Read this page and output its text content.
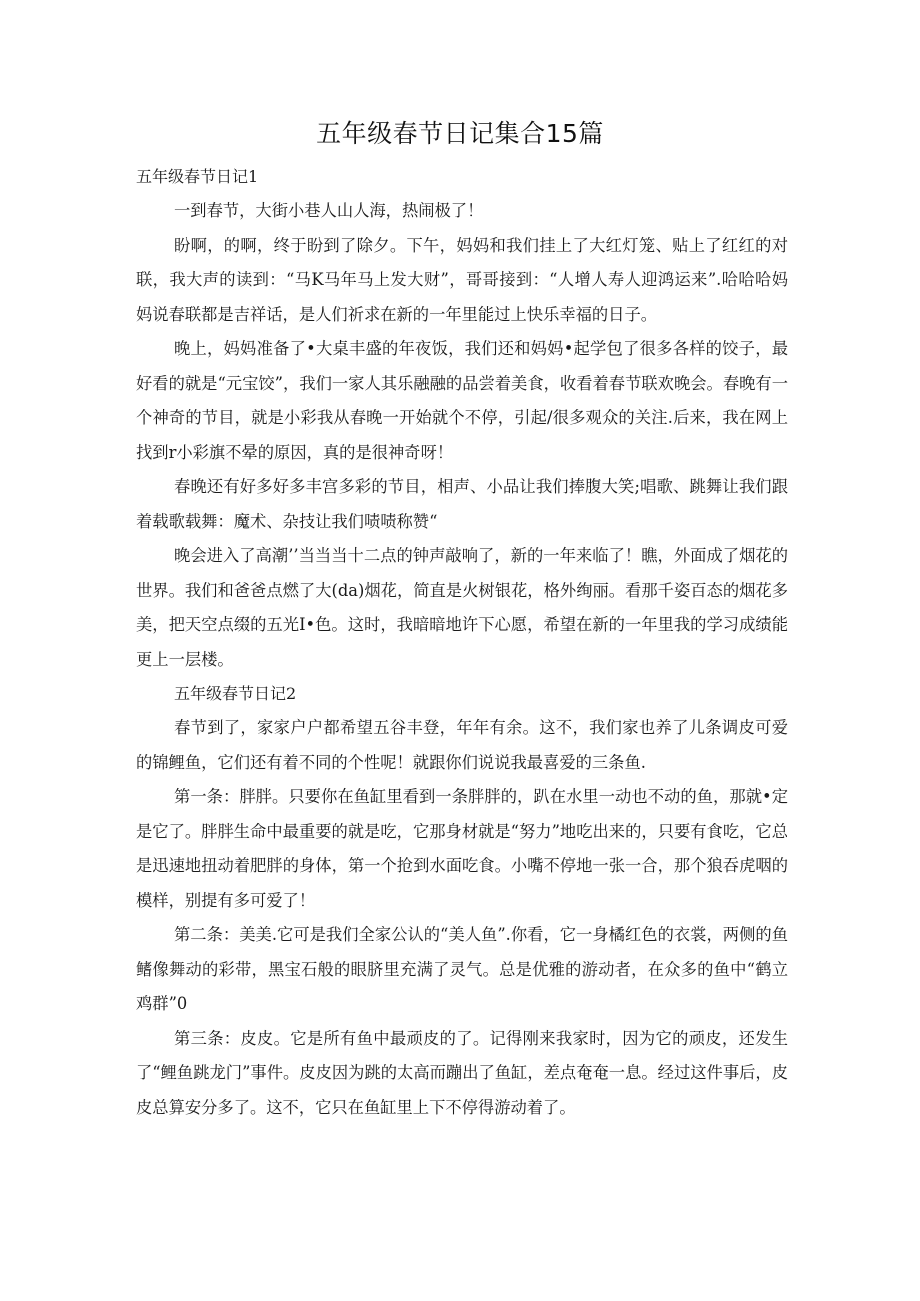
五年级春节日记集合15篇

五年级春节日记1

一到春节，大街小巷人山人海，热闹极了！

盼啊，的啊，终于盼到了除夕。下午，妈妈和我们挂上了大红灯笼、贴上了红红的对联，我大声的读到：“马K马年马上发大财”，哥哥接到：“人增人寿人迎鸿运来”.哈哈哈妈妈说春联都是吉祥话，是人们祈求在新的一年里能过上快乐幸福的日子。

晚上，妈妈准备了•大桌丰盛的年夜饭，我们还和妈妈•起学包了很多各样的饺子，最好看的就是“元宝饺”，我们一家人其乐融融的品尝着美食，收看着春节联欢晚会。春晚有一个神奇的节目，就是小彩我从春晚一开始就个不停，引起/很多观众的关注.后来，我在网上找到r小彩旗不晕的原因，真的是很神奇呀！

春晚还有好多好多丰宫多彩的节目，相声、小品让我们捧腹大笑;唱歌、跳舞让我们跟着载歌载舞：魔术、杂技让我们啧啧称赞“

晚会进入了高潮’’当当当十二点的钟声敲响了，新的一年来临了！瞧，外面成了烟花的世界。我们和爸爸点燃了大(da)烟花，简直是火树银花，格外绚丽。看那千姿百态的烟花多美，把天空点缀的五光I•色。这时，我暗暗地许下心愿，希望在新的一年里我的学习成绩能更上一层楼。

五年级春节日记2

春节到了，家家户户都希望五谷丰登，年年有余。这不，我们家也养了儿条调皮可爱的锦鲤鱼，它们还有着不同的个性呢！就跟你们说说我最喜爱的三条鱼.

第一条：胖胖。只要你在鱼缸里看到一条胖胖的，趴在水里一动也不动的鱼，那就•定是它了。胖胖生命中最重要的就是吃，它那身材就是“努力”地吃出来的，只要有食吃，它总是迅速地扭动着肥胖的身体，第一个抢到水面吃食。小嘴不停地一张一合，那个狼吞虎咽的模样，别提有多可爱了！

第二条：美美.它可是我们全家公认的“美人鱼”.你看，它一身橘红色的衣裳，两侧的鱼鳍像舞动的彩带，黑宝石般的眼脐里充满了灵气。总是优雅的游动者，在众多的鱼中“鹤立鸡群”0

第三条：皮皮。它是所有鱼中最顽皮的了。记得刚来我家时，因为它的顽皮，还发生了“鲤鱼跳龙门”事件。皮皮因为跳的太高而蹦出了鱼缸，差点奄奄一息。经过这件事后，皮皮总算安分多了。这不，它只在鱼缸里上下不停得游动着了。
